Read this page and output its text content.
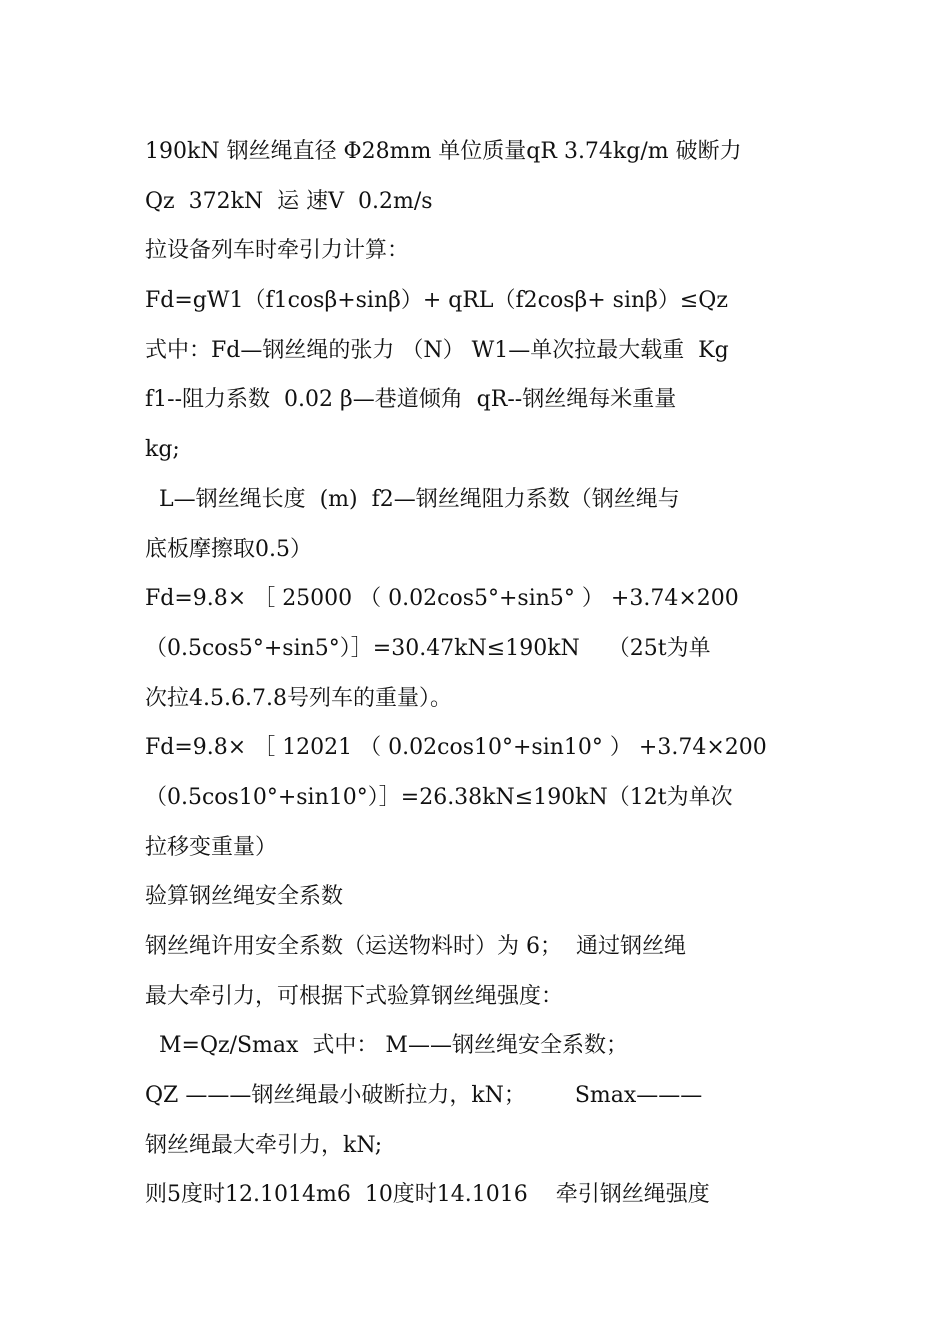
190kN 钢丝绳直径 Φ28mm 单位质量qR 3.74kg/m 破断力
Qz  372kN  运 速V  0.2m/s
拉设备列车时牵引力计算：
Fd=gW1（f1cosβ+sinβ）+ qRL（f2cosβ+ sinβ）≤Qz
式中：Fd—钢丝绳的张力 （N） W1—单次拉最大载重  Kg
f1--阻力系数  0.02 β—巷道倾角  qR--钢丝绳每米重量
kg;
L—钢丝绳长度  (m)  f2—钢丝绳阻力系数（钢丝绳与
底板摩擦取0.5）
Fd=9.8× ［ 25000 （ 0.02cos5°+sin5° ） +3.74×200
（0.5cos5°+sin5°）］=30.47kN≤190kN    （25t为单
次拉4.5.6.7.8号列车的重量）。
Fd=9.8× ［ 12021 （ 0.02cos10°+sin10° ） +3.74×200
（0.5cos10°+sin10°）］=26.38kN≤190kN（12t为单次
拉移变重量）
验算钢丝绳安全系数
钢丝绳许用安全系数（运送物料时）为 6；  通过钢丝绳
最大牵引力，可根据下式验算钢丝绳强度：
M=Qz/Smax  式中： M——钢丝绳安全系数；
QZ ———钢丝绳最小破断拉力，kN；       Smax———
钢丝绳最大牵引力，kN;
则5度时12.1014m6  10度时14.1016    牵引钢丝绳强度
